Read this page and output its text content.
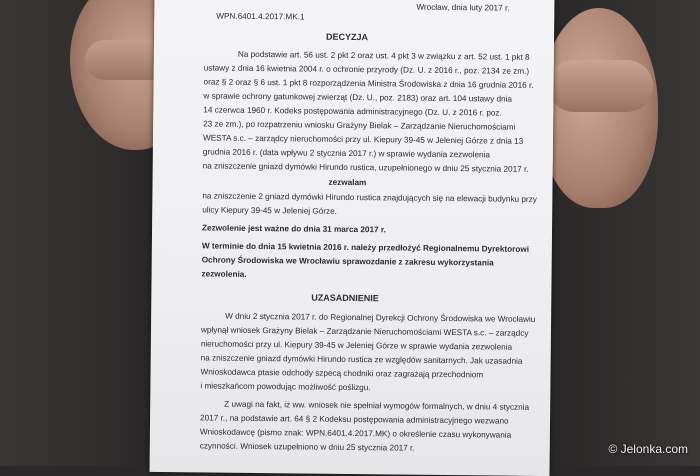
WPN.6401.4.2017.MK.1
Wrocław, dnia luty 2017 r.
DECYZJA
Na podstawie art. 56 ust. 2 pkt 2 oraz ust. 4 pkt 3 w związku z art. 52 ust. 1 pkt 8
ustawy z dnia 16 kwietnia 2004 r. o ochronie przyrody (Dz. U. z 2016 r., poz. 2134 ze zm.)
oraz § 2 oraz § 6 ust. 1 pkt 8 rozporządzenia Ministra Środowiska z dnia 16 grudnia 2016 r.
w sprawie ochrony gatunkowej zwierząt (Dz. U., poz. 2183) oraz art. 104 ustawy dnia
14 czerwca 1960 r. Kodeks postępowania administracyjnego (Dz. U. z 2016 r. poz.
23 ze zm.), po rozpatrzeniu wniosku Grażyny Bielak – Zarządzanie Nieruchomościami
WESTA s.c. – zarządcy nieruchomości przy ul. Kiepury 39-45 w Jeleniej Górze z dnia 13
grudnia 2016 r. (data wpływu 2 stycznia 2017 r.) w sprawie wydania zezwolenia
na zniszczenie gniazd dymówki Hirundo rustica, uzupełnionego w dniu 25 stycznia 2017 r.
zezwalam
na zniszczenie 2 gniazd dymówki Hirundo rustica znajdujących się na elewacji budynku przy
ulicy Kiepury 39-45 w Jeleniej Górze.
Zezwolenie jest ważne do dnia 31 marca 2017 r.
W terminie do dnia 15 kwietnia 2016 r. należy przedłożyć Regionalnemu Dyrektorowi
Ochrony Środowiska we Wrocławiu sprawozdanie z zakresu wykorzystania
zezwolenia.
UZASADNIENIE
W dniu 2 stycznia 2017 r. do Regionalnej Dyrekcji Ochrony Środowiska we Wrocławiu
wpłynął wniosek Grażyny Bielak – Zarządzanie Nieruchomościami WESTA s.c. – zarządcy
nieruchomości przy ul. Kiepury 39-45 w Jeleniej Górze w sprawie wydania zezwolenia
na zniszczenie gniazd dymówki Hirundo rustica ze względów sanitarnych. Jak uzasadnia
Wnioskodawca ptasie odchody szpecą chodniki oraz zagrażają przechodniom
i mieszkańcom powodując możliwość poślizgu.
Z uwagi na fakt, iż ww. wniosek nie spełniał wymogów formalnych, w dniu 4 stycznia
2017 r., na podstawie art. 64 § 2 Kodeksu postępowania administracyjnego wezwano
Wnioskodawcę (pismo znak: WPN.6401.4.2017.MK) o określenie czasu wykonywania
czynności. Wniosek uzupełniono w dniu 25 stycznia 2017 r.	© Jelonka.com
